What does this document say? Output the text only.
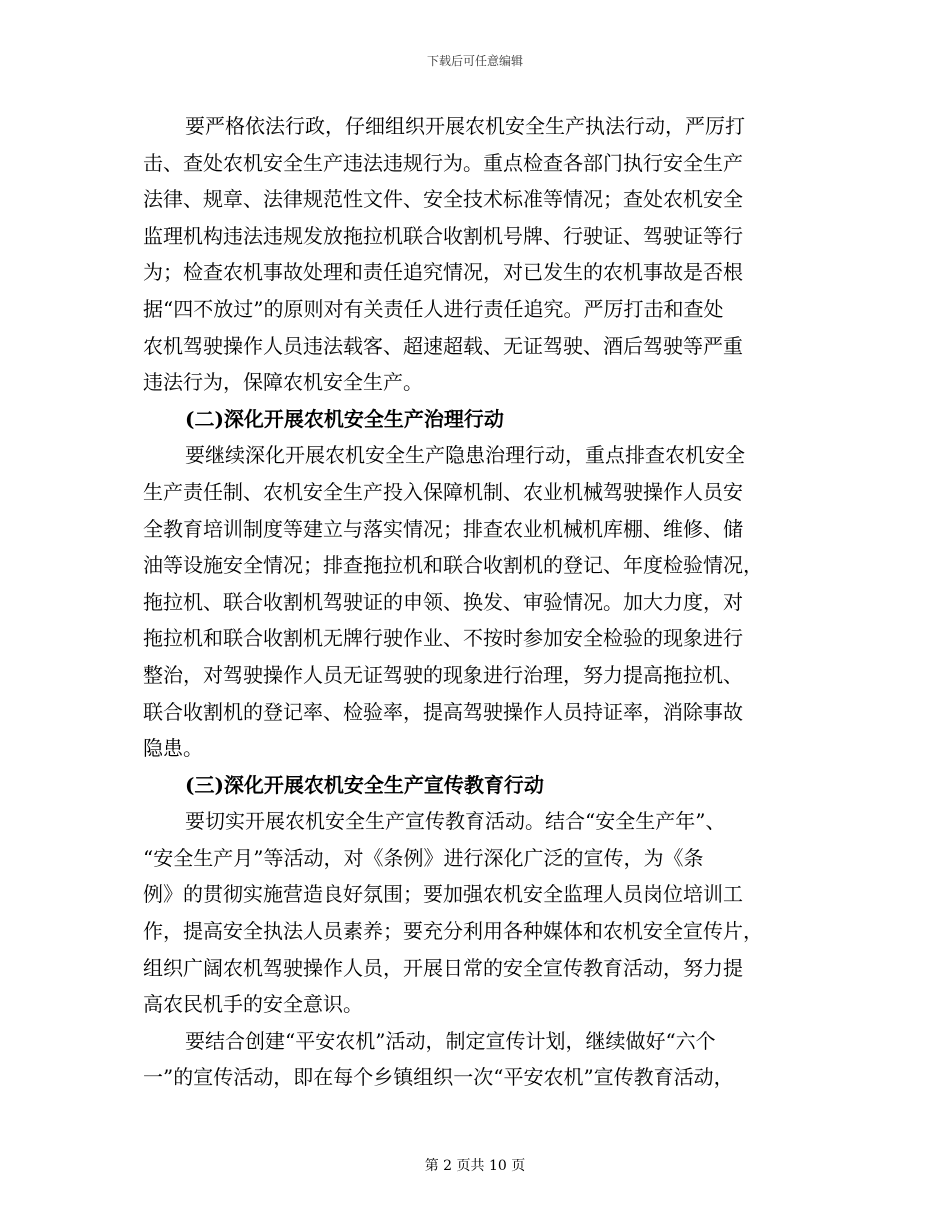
下载后可任意编辑
要严格依法行政，仔细组织开展农机安全生产执法行动，严厉打
击、查处农机安全生产违法违规行为。重点检查各部门执行安全生产
法律、规章、法律规范性文件、安全技术标准等情况；查处农机安全
监理机构违法违规发放拖拉机联合收割机号牌、行驶证、驾驶证等行
为；检查农机事故处理和责任追究情况，对已发生的农机事故是否根
据“四不放过”的原则对有关责任人进行责任追究。严厉打击和查处
农机驾驶操作人员违法载客、超速超载、无证驾驶、酒后驾驶等严重
违法行为，保障农机安全生产。
(二)深化开展农机安全生产治理行动
要继续深化开展农机安全生产隐患治理行动，重点排查农机安全
生产责任制、农机安全生产投入保障机制、农业机械驾驶操作人员安
全教育培训制度等建立与落实情况；排查农业机械机库棚、维修、储
油等设施安全情况；排查拖拉机和联合收割机的登记、年度检验情况，
拖拉机、联合收割机驾驶证的申领、换发、审验情况。加大力度，对
拖拉机和联合收割机无牌行驶作业、不按时参加安全检验的现象进行
整治，对驾驶操作人员无证驾驶的现象进行治理，努力提高拖拉机、
联合收割机的登记率、检验率，提高驾驶操作人员持证率，消除事故
隐患。
(三)深化开展农机安全生产宣传教育行动
要切实开展农机安全生产宣传教育活动。结合“安全生产年”、
“安全生产月”等活动，对《条例》进行深化广泛的宣传，为《条
例》的贯彻实施营造良好氛围；要加强农机安全监理人员岗位培训工
作，提高安全执法人员素养；要充分利用各种媒体和农机安全宣传片，
组织广阔农机驾驶操作人员，开展日常的安全宣传教育活动，努力提
高农民机手的安全意识。
要结合创建“平安农机”活动，制定宣传计划，继续做好“六个
一”的宣传活动，即在每个乡镇组织一次“平安农机”宣传教育活动，
第 2 页共 10 页
